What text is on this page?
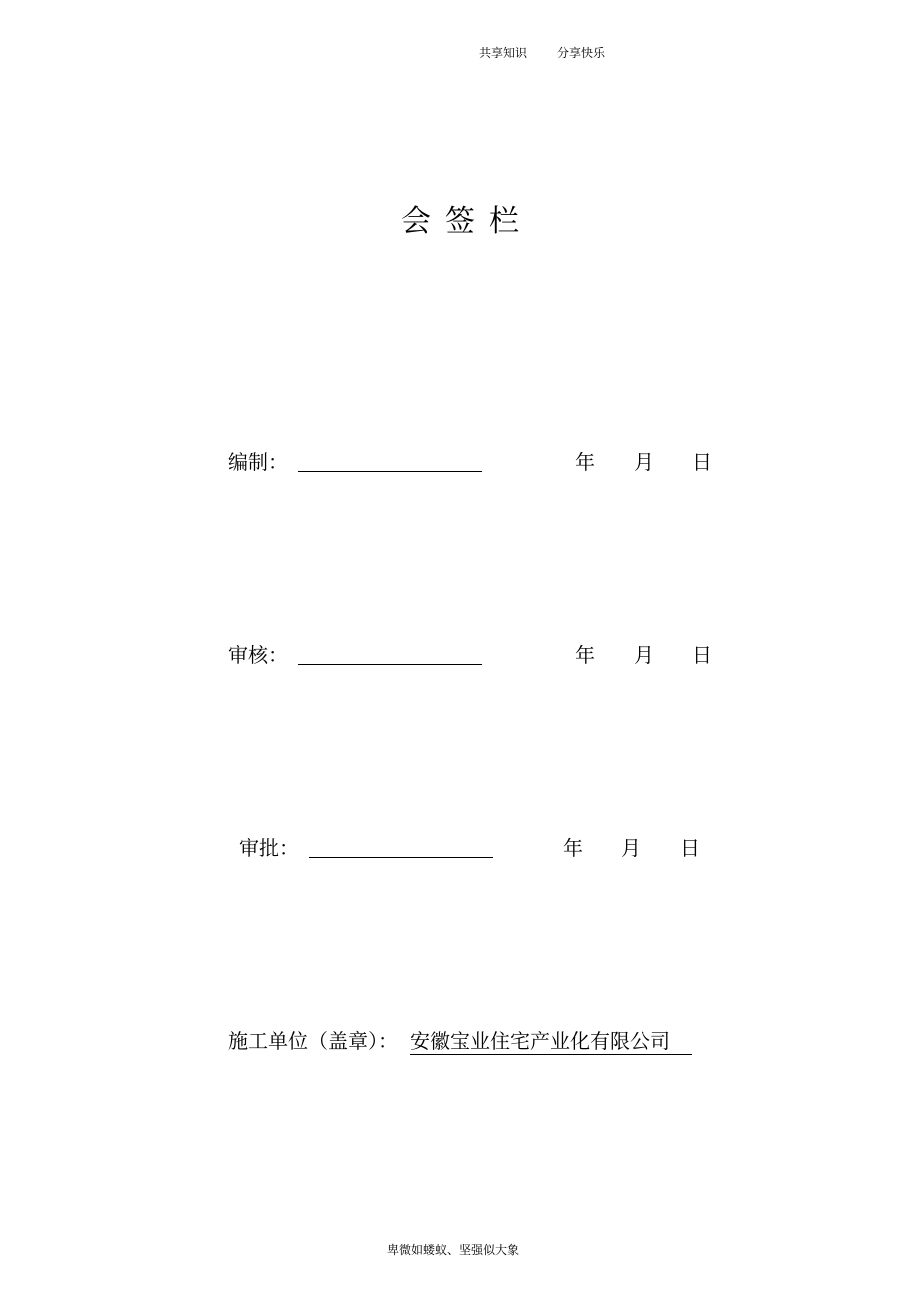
共享知识 分享快乐
会签栏
编制：	年 月 日
审核：	年 月 日
审批：	年 月 日
施工单位（盖章）： 安徽宝业住宅产业化有限公司
卑微如蝼蚁、坚强似大象
